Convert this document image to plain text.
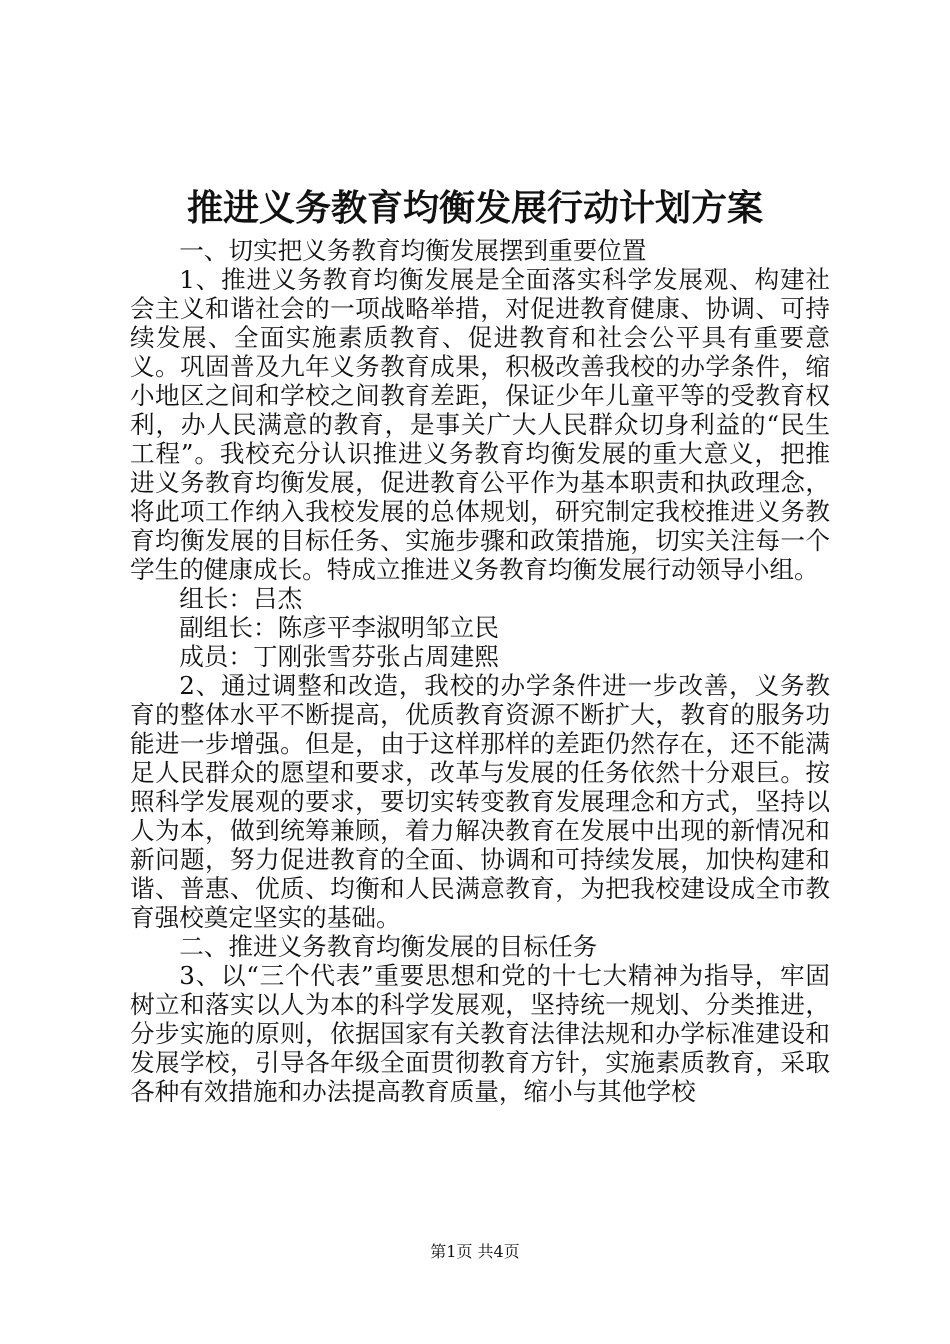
推进义务教育均衡发展行动计划方案

一、切实把义务教育均衡发展摆到重要位置

1、推进义务教育均衡发展是全面落实科学发展观、构建社会主义和谐社会的一项战略举措，对促进教育健康、协调、可持续发展、全面实施素质教育、促进教育和社会公平具有重要意义。巩固普及九年义务教育成果，积极改善我校的办学条件，缩小地区之间和学校之间教育差距，保证少年儿童平等的受教育权利，办人民满意的教育，是事关广大人民群众切身利益的“民生工程”。我校充分认识推进义务教育均衡发展的重大意义，把推进义务教育均衡发展，促进教育公平作为基本职责和执政理念，将此项工作纳入我校发展的总体规划，研究制定我校推进义务教育均衡发展的目标任务、实施步骤和政策措施，切实关注每一个学生的健康成长。特成立推进义务教育均衡发展行动领导小组。

组长：吕杰

副组长：陈彦平李淑明邹立民

成员：丁刚张雪芬张占周建熙

2、通过调整和改造，我校的办学条件进一步改善，义务教育的整体水平不断提高，优质教育资源不断扩大，教育的服务功能进一步增强。但是，由于这样那样的差距仍然存在，还不能满足人民群众的愿望和要求，改革与发展的任务依然十分艰巨。按照科学发展观的要求，要切实转变教育发展理念和方式，坚持以人为本，做到统筹兼顾，着力解决教育在发展中出现的新情况和新问题，努力促进教育的全面、协调和可持续发展，加快构建和谐、普惠、优质、均衡和人民满意教育，为把我校建设成全市教育强校奠定坚实的基础。

二、推进义务教育均衡发展的目标任务

3、以“三个代表”重要思想和党的十七大精神为指导，牢固树立和落实以人为本的科学发展观，坚持统一规划、分类推进，分步实施的原则，依据国家有关教育法律法规和办学标准建设和发展学校，引导各年级全面贯彻教育方针，实施素质教育，采取各种有效措施和办法提高教育质量，缩小与其他学校

第1页 共4页
